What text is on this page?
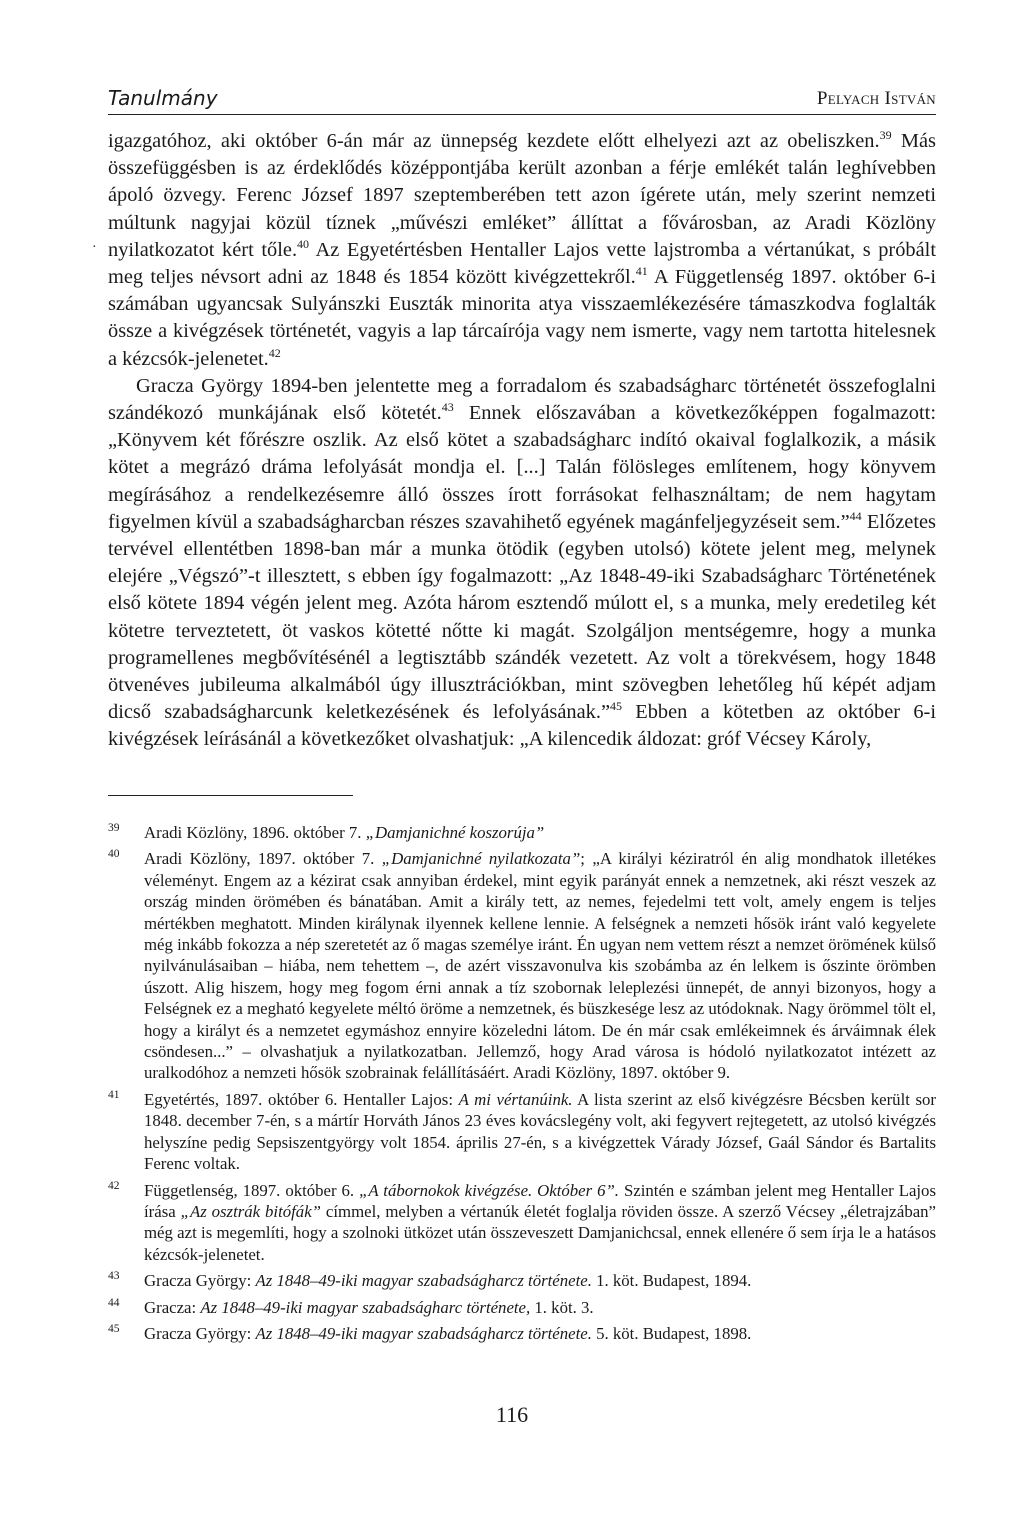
Tanulmány	Pelyach István
·

igazgatóhoz, aki október 6-án már az ünnepség kezdete előtt elhelyezi azt az obeliszken.$^{39}$ Más összefüggésben is az érdeklődés középpontjába került azonban a férje emlékét talán leghívebben ápoló özvegy. Ferenc József 1897 szeptemberében tett azon ígérete után, mely szerint nemzeti múltunk nagyjai közül tíznek „művészi emléket” állíttat a fővárosban, az Aradi Közlöny nyilatkozatot kért tőle.$^{40}$ Az Egyetértésben Hentaller Lajos vette lajstromba a vértanúkat, s próbált meg teljes névsort adni az 1848 és 1854 között kivégzettekről.$^{41}$ A Függetlenség 1897. október 6-i számában ugyancsak Sulyánszki Euszták minorita atya visszaemlékezésére támaszkodva foglalták össze a kivégzések történetét, vagyis a lap tárcaírója vagy nem ismerte, vagy nem tartotta hitelesnek a kézcsók-jelenetet.$^{42}$

Gracza György 1894-ben jelentette meg a forradalom és szabadságharc történetét összefoglalni szándékozó munkájának első kötetét.$^{43}$ Ennek előszavában a következőképpen fogalmazott: „Könyvem két főrészre oszlik. Az első kötet a szabadságharc indító okaival foglalkozik, a másik kötet a megrázó dráma lefolyását mondja el. [...] Talán fölösleges említenem, hogy könyvem megírásához a rendelkezésemre álló összes írott forrásokat felhasználtam; de nem hagytam figyelmen kívül a szabadságharcban részes szavahihető egyének magánfeljegyzéseit sem.”$^{44}$ Előzetes tervével ellentétben 1898-ban már a munka ötödik (egyben utolsó) kötete jelent meg, melynek elejére „Végszó”-t illesztett, s ebben így fogalmazott: „Az 1848-49-iki Szabadságharc Történetének első kötete 1894 végén jelent meg. Azóta három esztendő múlott el, s a munka, mely eredetileg két kötetre terveztetett, öt vaskos kötetté nőtte ki magát. Szolgáljon mentségemre, hogy a munka programellenes megbővítésénél a legtisztább szándék vezetett. Az volt a törekvésem, hogy 1848 ötvenéves jubileuma alkalmából úgy illusztrációkban, mint szövegben lehetőleg hű képét adjam dicső szabadságharcunk keletkezésének és lefolyásának.”$^{45}$ Ebben a kötetben az október 6-i kivégzések leírásánál a következőket olvashatjuk: „A kilencedik áldozat: gróf Vécsey Károly,

39 Aradi Közlöny, 1896. október 7. „Damjanichné koszorúja”
40 Aradi Közlöny, 1897. október 7. „Damjanichné nyilatkozata”; „A királyi kéziratról én alig mondhatok illetékes véleményt. Engem az a kézirat csak annyiban érdekel, mint egyik parányát ennek a nemzetnek, aki részt veszek az ország minden örömében és bánatában. Amit a király tett, az nemes, fejedelmi tett volt, amely engem is teljes mértékben meghatott. Minden királynak ilyennek kellene lennie. A felségnek a nemzeti hősök iránt való kegyelete még inkább fokozza a nép szeretetét az ő magas személye iránt. Én ugyan nem vettem részt a nemzet örömének külső nyilvánulásaiban – hiába, nem tehettem –, de azért visszavonulva kis szobámba az én lelkem is őszinte örömben úszott. Alig hiszem, hogy meg fogom érni annak a tíz szobornak leleplezési ünnepét, de annyi bizonyos, hogy a Felségnek ez a megható kegyelete méltó öröme a nemzetnek, és büszkesége lesz az utódoknak. Nagy örömmel tölt el, hogy a királyt és a nemzetet egymáshoz ennyire közeledni látom. De én már csak emlékeimnek és árváimnak élek csöndesen...” – olvashatjuk a nyilatkozatban. Jellemző, hogy Arad városa is hódoló nyilatkozatot intézett az uralkodóhoz a nemzeti hősök szobrainak felállításáért. Aradi Közlöny, 1897. október 9.
41 Egyetértés, 1897. október 6. Hentaller Lajos: A mi vértanúink. A lista szerint az első kivégzésre Bécsben került sor 1848. december 7-én, s a mártír Horváth János 23 éves kovácslegény volt, aki fegyvert rejtegetett, az utolsó kivégzés helyszíne pedig Sepsiszentgyörgy volt 1854. április 27-én, s a kivégzettek Várady József, Gaál Sándor és Bartalits Ferenc voltak.
42 Függetlenség, 1897. október 6. „A tábornokok kivégzése. Október 6”. Szintén e számban jelent meg Hentaller Lajos írása „Az osztrák bitófák” címmel, melyben a vértanúk életét foglalja röviden össze. A szerző Vécsey „életrajzában” még azt is megemlíti, hogy a szolnoki ütközet után összeveszett Damjanichcsal, ennek ellenére ő sem írja le a hatásos kézcsók-jelenetet.
43 Gracza György: Az 1848–49-iki magyar szabadságharcz története. 1. köt. Budapest, 1894.
44 Gracza: Az 1848–49-iki magyar szabadságharc története, 1. köt. 3.
45 Gracza György: Az 1848–49-iki magyar szabadságharcz története. 5. köt. Budapest, 1898.
116
